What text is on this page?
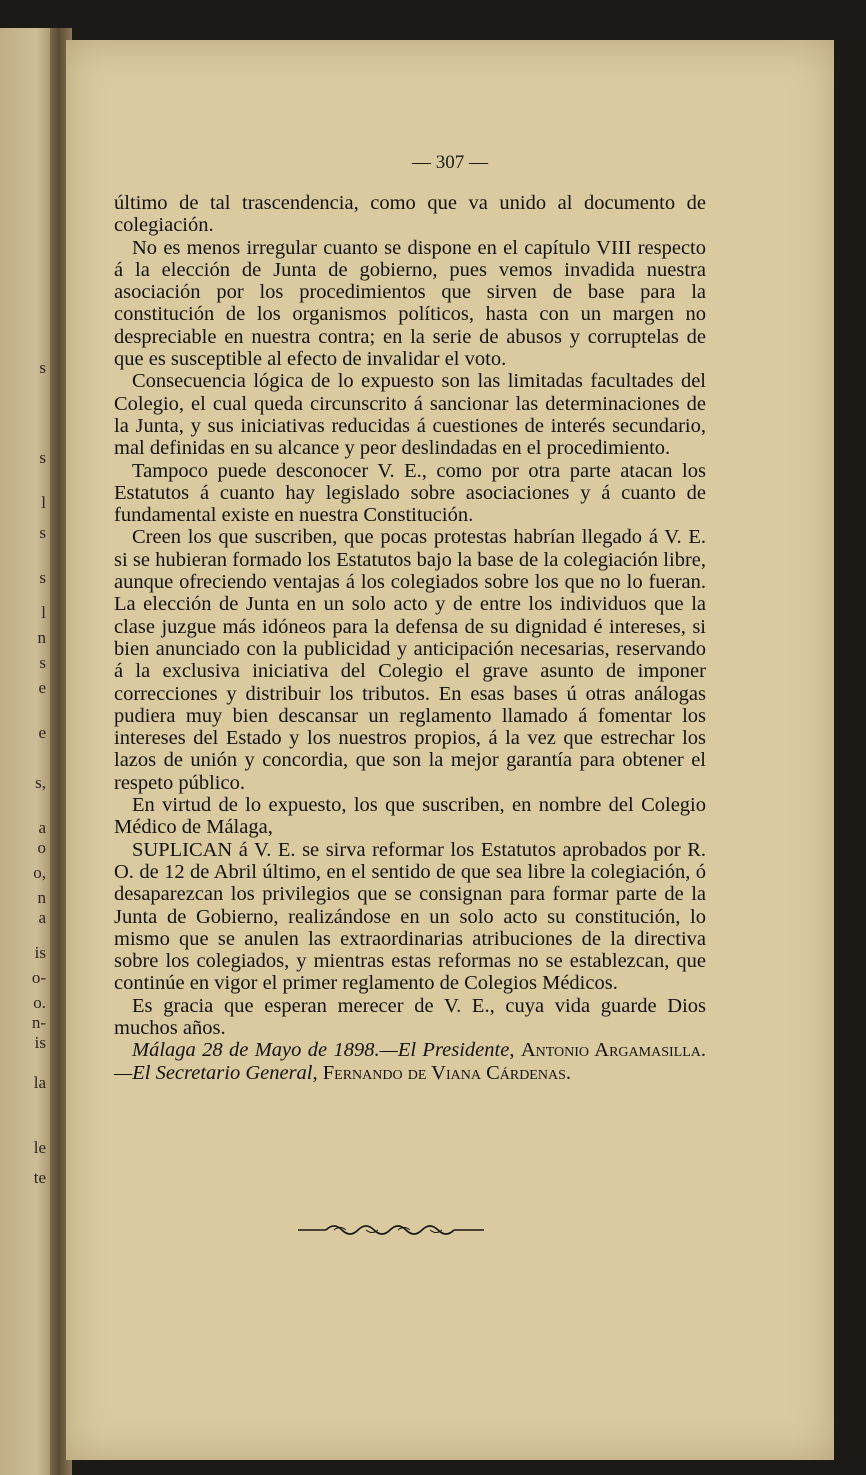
s
s
l
s
s
l
n
s
e
e
s,
a
o
o,
n
a
is
o-
o.
n-
is
la
le
te
— 307 —

último de tal trascendencia, como que va unido al documento de colegiación.

No es menos irregular cuanto se dispone en el capítulo VIII respecto á la elección de Junta de gobierno, pues vemos invadida nuestra asociación por los procedimientos que sirven de base para la constitución de los organismos políticos, hasta con un margen no despreciable en nuestra contra; en la serie de abusos y corruptelas de que es susceptible al efecto de invalidar el voto.

Consecuencia lógica de lo expuesto son las limitadas facultades del Colegio, el cual queda circunscrito á sancionar las determinaciones de la Junta, y sus iniciativas reducidas á cuestiones de interés secundario, mal definidas en su alcance y peor deslindadas en el procedimiento.

Tampoco puede desconocer V. E., como por otra parte atacan los Estatutos á cuanto hay legislado sobre asociaciones y á cuanto de fundamental existe en nuestra Constitución.

Creen los que suscriben, que pocas protestas habrían llegado á V. E. si se hubieran formado los Estatutos bajo la base de la colegiación libre, aunque ofreciendo ventajas á los colegiados sobre los que no lo fueran. La elección de Junta en un solo acto y de entre los individuos que la clase juzgue más idóneos para la defensa de su dignidad é intereses, si bien anunciado con la publicidad y anticipación necesarias, reservando á la exclusiva iniciativa del Colegio el grave asunto de imponer correcciones y distribuir los tributos. En esas bases ú otras análogas pudiera muy bien descansar un reglamento llamado á fomentar los intereses del Estado y los nuestros propios, á la vez que estrechar los lazos de unión y concordia, que son la mejor garantía para obtener el respeto público.

En virtud de lo expuesto, los que suscriben, en nombre del Colegio Médico de Málaga,

SUPLICAN á V. E. se sirva reformar los Estatutos aprobados por R. O. de 12 de Abril último, en el sentido de que sea libre la colegiación, ó desaparezcan los privilegios que se consignan para formar parte de la Junta de Gobierno, realizándose en un solo acto su constitución, lo mismo que se anulen las extraordinarias atribuciones de la directiva sobre los colegiados, y mientras estas reformas no se establezcan, que continúe en vigor el primer reglamento de Colegios Médicos.

Es gracia que esperan merecer de V. E., cuya vida guarde Dios muchos años.

Málaga 28 de Mayo de 1898.—El Presidente, Antonio Argamasilla.—El Secretario General, Fernando de Viana Cárdenas.
